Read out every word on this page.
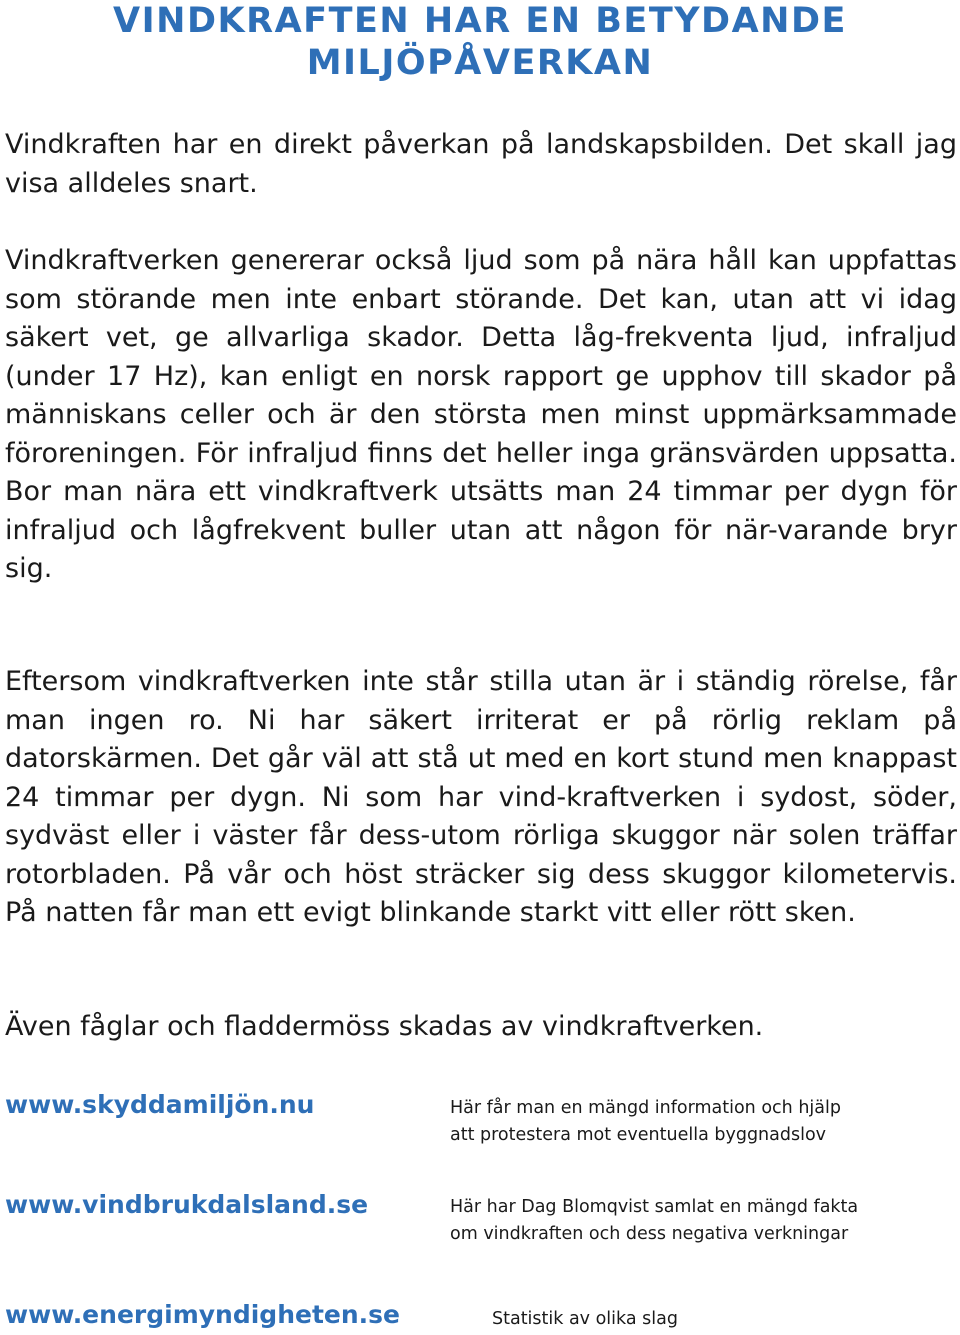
VINDKRAFTEN HAR EN BETYDANDE
MILJÖPÅVERKAN

Vindkraften har en direkt påverkan på landskapsbilden. Det skall jag visa alldeles snart.

Vindkraftverken genererar också ljud som på nära håll kan uppfattas som störande men inte enbart störande. Det kan, utan att vi idag säkert vet, ge allvarliga skador. Detta låg-frekventa ljud, infraljud (under 17 Hz), kan enligt en norsk rapport ge upphov till skador på människans celler och är den största men minst uppmärksammade föroreningen. För infraljud finns det heller inga gränsvärden uppsatta. Bor man nära ett vindkraftverk utsätts man 24 timmar per dygn för infraljud och lågfrekvent buller utan att någon för när-varande bryr sig.

Eftersom vindkraftverken inte står stilla utan är i ständig rörelse, får man ingen ro. Ni har säkert irriterat er på rörlig reklam på datorskärmen. Det går väl att stå ut med en kort stund men knappast 24 timmar per dygn. Ni som har vind-kraftverken i sydost, söder, sydväst eller i väster får dess-utom rörliga skuggor när solen träffar rotorbladen. På vår och höst sträcker sig dess skuggor kilometervis. På natten får man ett evigt blinkande starkt vitt eller rött sken.

Även fåglar och fladdermöss skadas av vindkraftverken.

www.skyddamiljön.nu	Här får man en mängd information och hjälp
att protestera mot eventuella byggnadslov

www.vindbrukdalsland.se	Här har Dag Blomqvist samlat en mängd fakta
om vindkraften och dess negativa verkningar

www.energimyndigheten.se	Statistik av olika slag
